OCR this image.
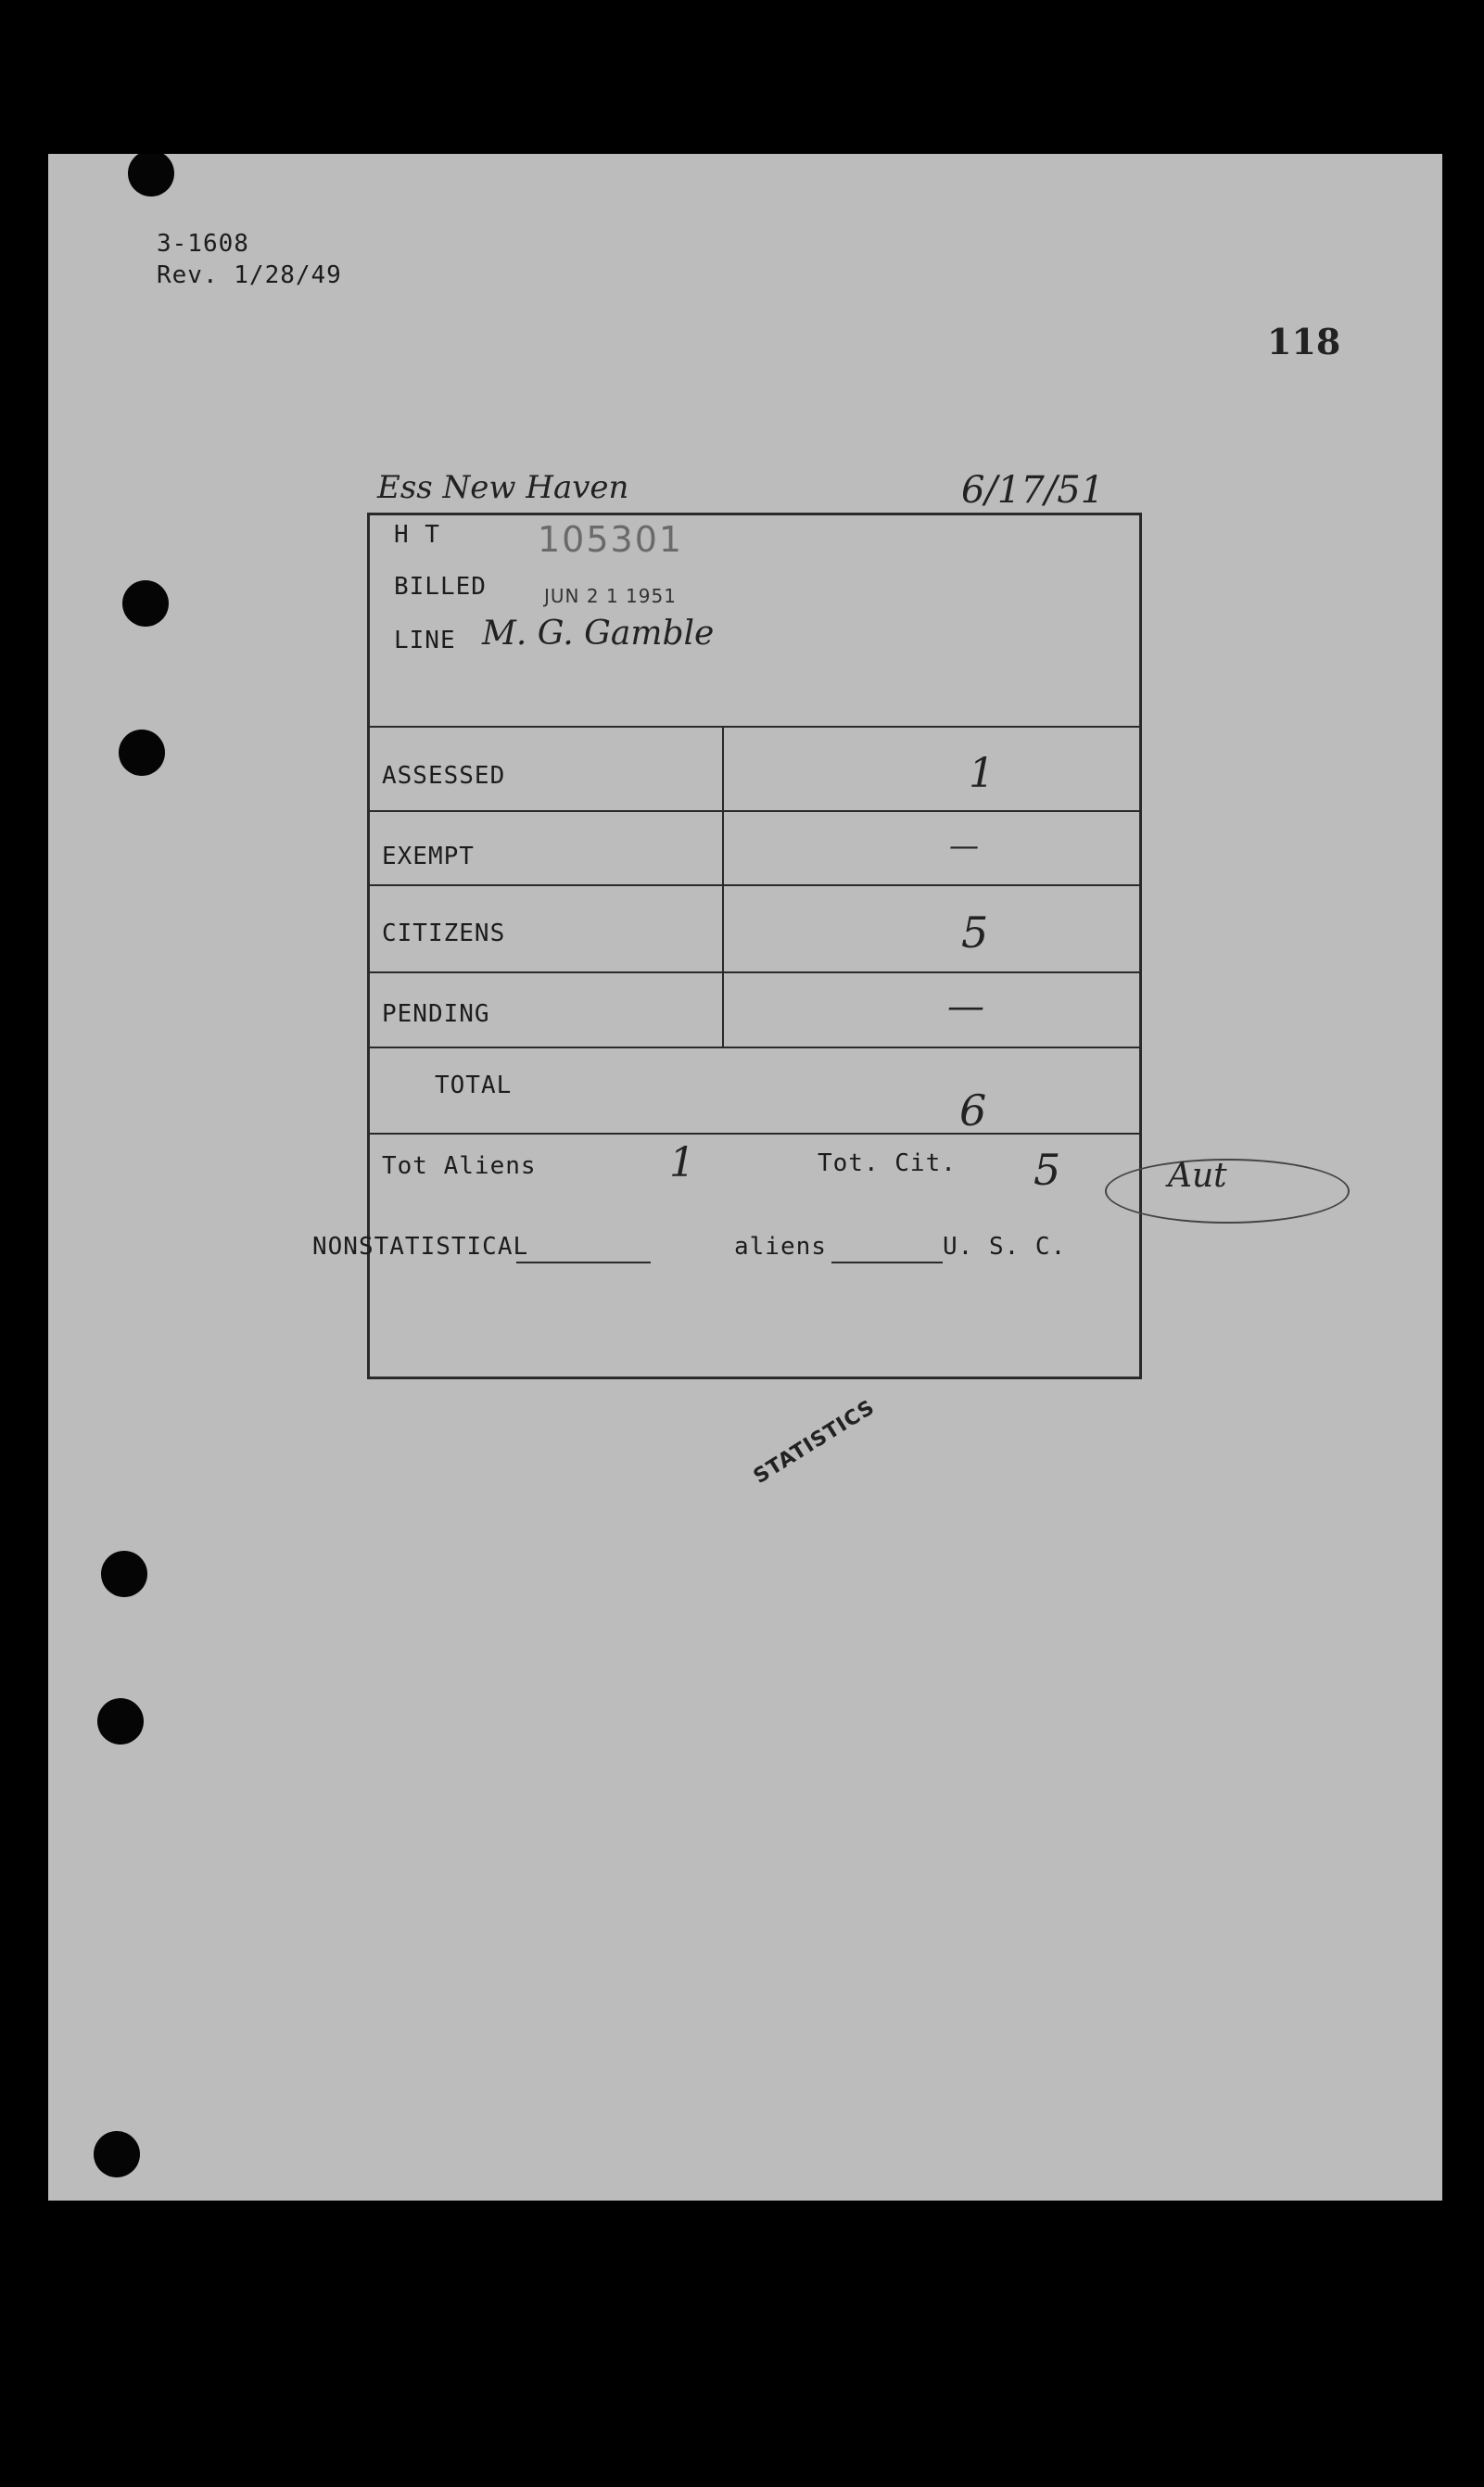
3-1608
Rev. 1/28/49
118
Ess New Haven	6/17/51
H T	105301
BILLED	JUN 2 1 1951
LINE M. G. Gamble
ASSESSED	1
EXEMPT	—
CITIZENS	5
PENDING	—
TOTAL	6
Tot Aliens	1	Tot. Cit. 5	Aut
NONSTATISTICAL	aliens	U. S. C.
STATISTICS
